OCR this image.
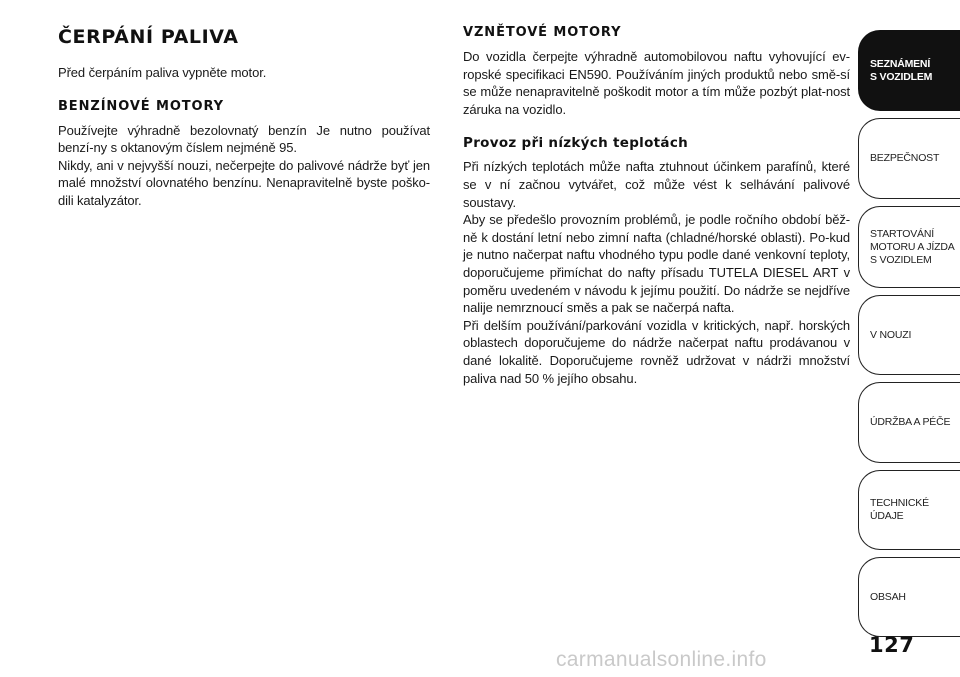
ČERPÁNÍ PALIVA

Před čerpáním paliva vypněte motor.

BENZÍNOVÉ MOTORY

Používejte výhradně bezolovnatý benzín Je nutno používat benzí-ny s oktanovým číslem nejméně 95.

Nikdy, ani v nejvyšší nouzi, nečerpejte do palivové nádrže byť jen malé množství olovnatého benzínu. Nenapravitelně byste poško-dili katalyzátor.

VZNĚTOVÉ MOTORY

Do vozidla čerpejte výhradně automobilovou naftu vyhovující ev-ropské specifikaci EN590. Používáním jiných produktů nebo smě-sí se může nenapravitelně poškodit motor a tím může pozbýt plat-nost záruka na vozidlo.

Provoz při nízkých teplotách

Při nízkých teplotách může nafta ztuhnout účinkem parafínů, které se v ní začnou vytvářet, což může vést k selhávání palivové soustavy.

Aby se předešlo provozním problémů, je podle ročního období běž-ně k dostání letní nebo zimní nafta (chladné/horské oblasti). Po-kud je nutno načerpat naftu vhodného typu podle dané venkovní teploty, doporučujeme přimíchat do nafty přísadu TUTELA DIESEL ART v poměru uvedeném v návodu k jejímu použití. Do nádrže se nejdříve nalije nemrznoucí směs a pak se načerpá nafta.

Při delším používání/parkování vozidla v kritických, např. horských oblastech doporučujeme do nádrže načerpat naftu prodávanou v dané lokalitě. Doporučujeme rovněž udržovat v nádrži množství paliva nad 50 % jejího obsahu.

SEZNÁMENÍ
S VOZIDLEM
BEZPEČNOST
STARTOVÁNÍ
MOTORU A JÍZDA
S VOZIDLEM
V NOUZI
ÚDRŽBA A PÉČE
TECHNICKÉ
ÚDAJE
OBSAH
127
carmanualsonline.info
